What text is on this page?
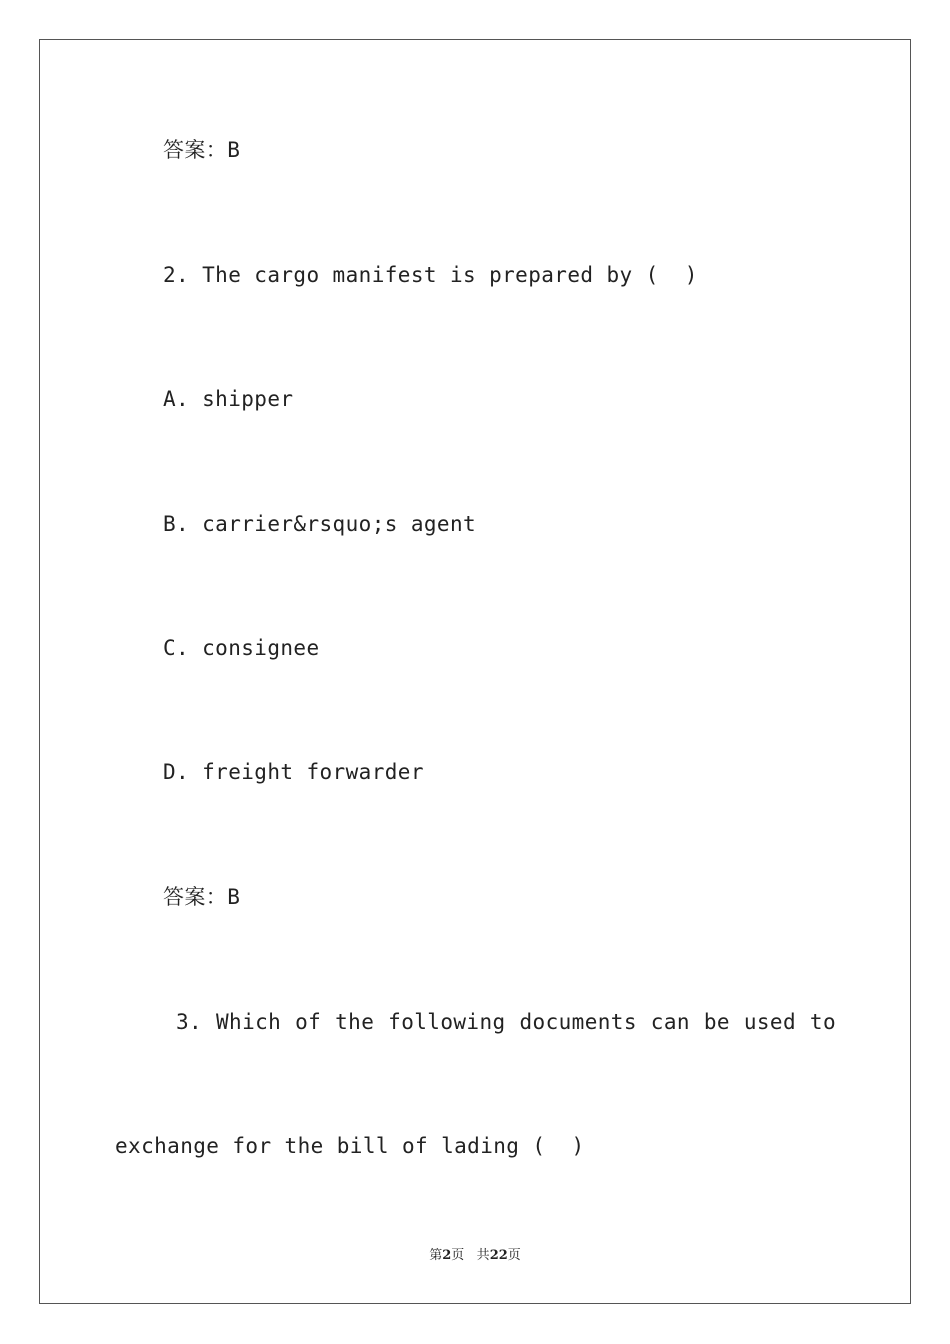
答案：B
2. The cargo manifest is prepared by (  )
A. shipper
B. carrier&rsquo;s agent
C. consignee
D. freight forwarder
答案：B
3. Which of the following documents can be used to
exchange for the bill of lading (  )
第2页 共22页
